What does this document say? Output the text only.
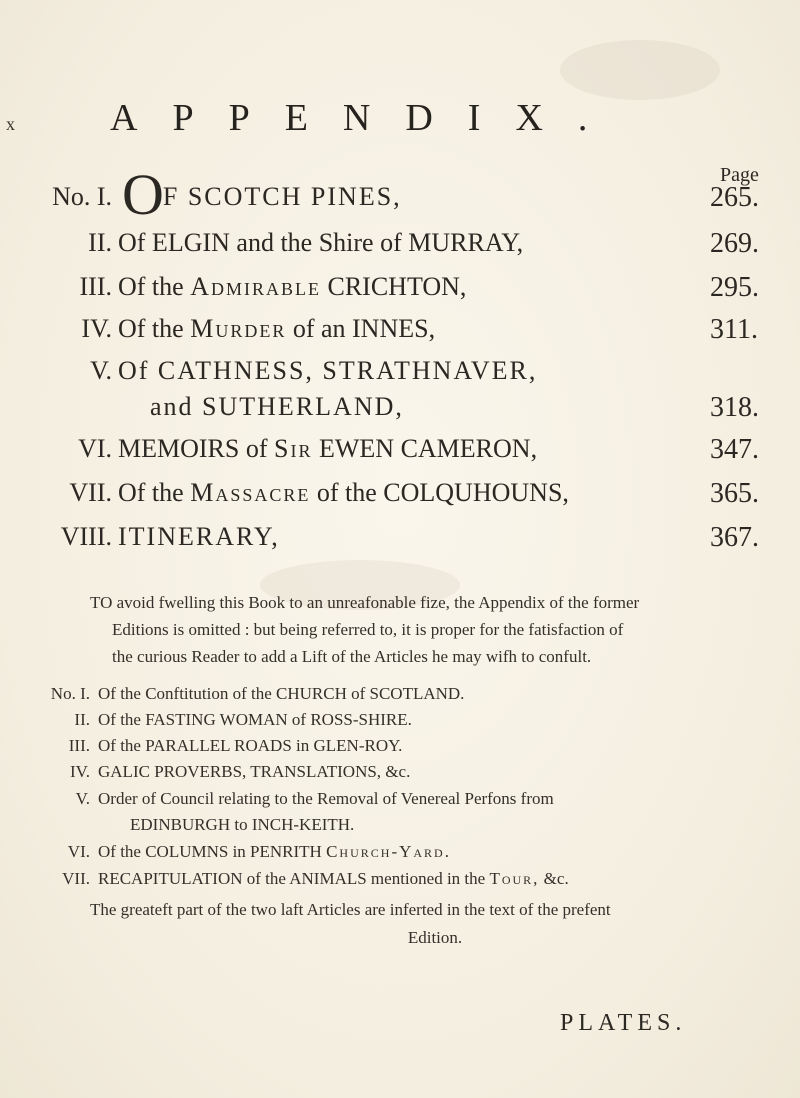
x	APPENDIX.
Page
No. I. OF SCOTCH PINES,	265.
II. Of ELGIN and the Shire of MURRAY,	269.
III. Of the Admirable CRICHTON,	295.
IV. Of the Murder of an INNES,	311.
V. Of CATHNESS, STRATHNAVER,
and SUTHERLAND,	318.
VI. MEMOIRS of Sir EWEN CAMERON,	347.
VII. Of the Massacre of the COLQUHOUNS,	365.
VIII. ITINERARY,	367.
TO avoid fwelling this Book to an unreafonable fize, the Appendix of the former
Editions is omitted : but being referred to, it is proper for the fatisfaction of
the curious Reader to add a Lift of the Articles he may wifh to confult.
No. I. Of the Conftitution of the CHURCH of SCOTLAND.
II. Of the FASTING WOMAN of ROSS-SHIRE.
III. Of the PARALLEL ROADS in GLEN-ROY.
IV. GALIC PROVERBS, TRANSLATIONS, &c.
V. Order of Council relating to the Removal of Venereal Perfons from
EDINBURGH to INCH-KEITH.
VI. Of the COLUMNS in PENRITH Church-Yard.
VII. RECAPITULATION of the ANIMALS mentioned in the Tour, &c.
The greateft part of the two laft Articles are inferted in the text of the prefent
Edition.
PLATES.
